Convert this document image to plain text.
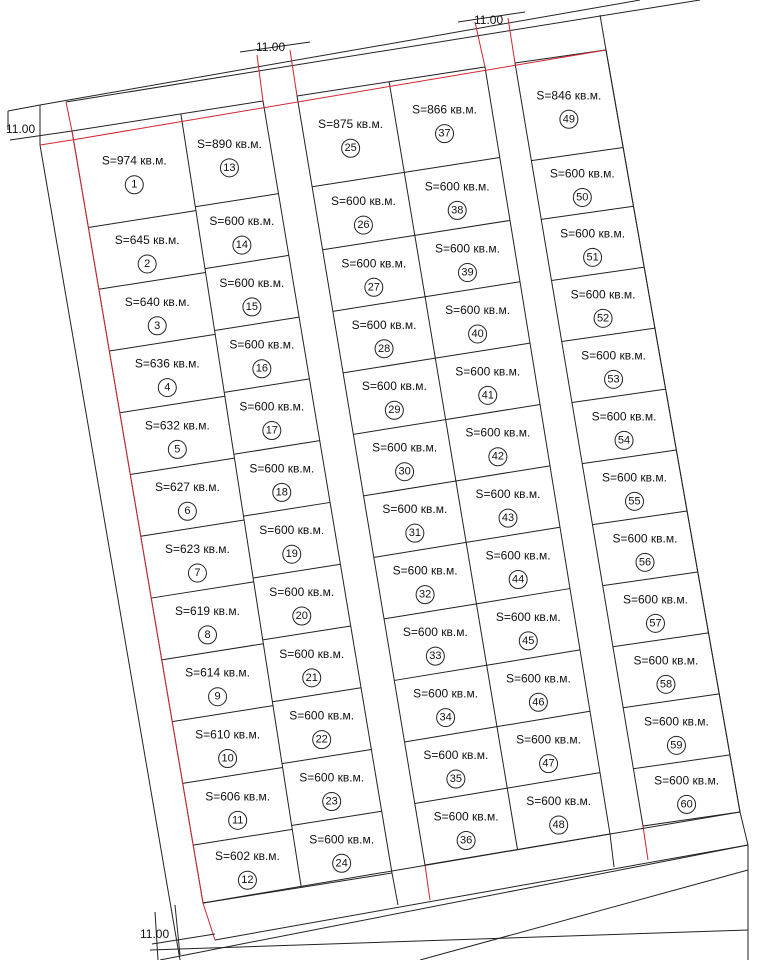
S=974 кв.м.
1
S=645 кв.м.
2
S=640 кв.м.
3
S=636 кв.м.
4
S=632 кв.м.
5
S=627 кв.м.
6
S=623 кв.м.
7
S=619 кв.м.
8
S=614 кв.м.
9
S=610 кв.м.
10
S=606 кв.м.
11
S=602 кв.м.
12
S=890 кв.м.
13
S=600 кв.м.
14
S=600 кв.м.
15
S=600 кв.м.
16
S=600 кв.м.
17
S=600 кв.м.
18
S=600 кв.м.
19
S=600 кв.м.
20
S=600 кв.м.
21
S=600 кв.м.
22
S=600 кв.м.
23
S=600 кв.м.
24
S=875 кв.м.
25
S=600 кв.м.
26
S=600 кв.м.
27
S=600 кв.м.
28
S=600 кв.м.
29
S=600 кв.м.
30
S=600 кв.м.
31
S=600 кв.м.
32
S=600 кв.м.
33
S=600 кв.м.
34
S=600 кв.м.
35
S=600 кв.м.
36
S=866 кв.м.
37
S=600 кв.м.
38
S=600 кв.м.
39
S=600 кв.м.
40
S=600 кв.м.
41
S=600 кв.м.
42
S=600 кв.м.
43
S=600 кв.м.
44
S=600 кв.м.
45
S=600 кв.м.
46
S=600 кв.м.
47
S=600 кв.м.
48
S=846 кв.м.
49
S=600 кв.м.
50
S=600 кв.м.
51
S=600 кв.м.
52
S=600 кв.м.
53
S=600 кв.м.
54
S=600 кв.м.
55
S=600 кв.м.
56
S=600 кв.м.
57
S=600 кв.м.
58
S=600 кв.м.
59
S=600 кв.м.
60
11.00
11.00
11.00
11.00
